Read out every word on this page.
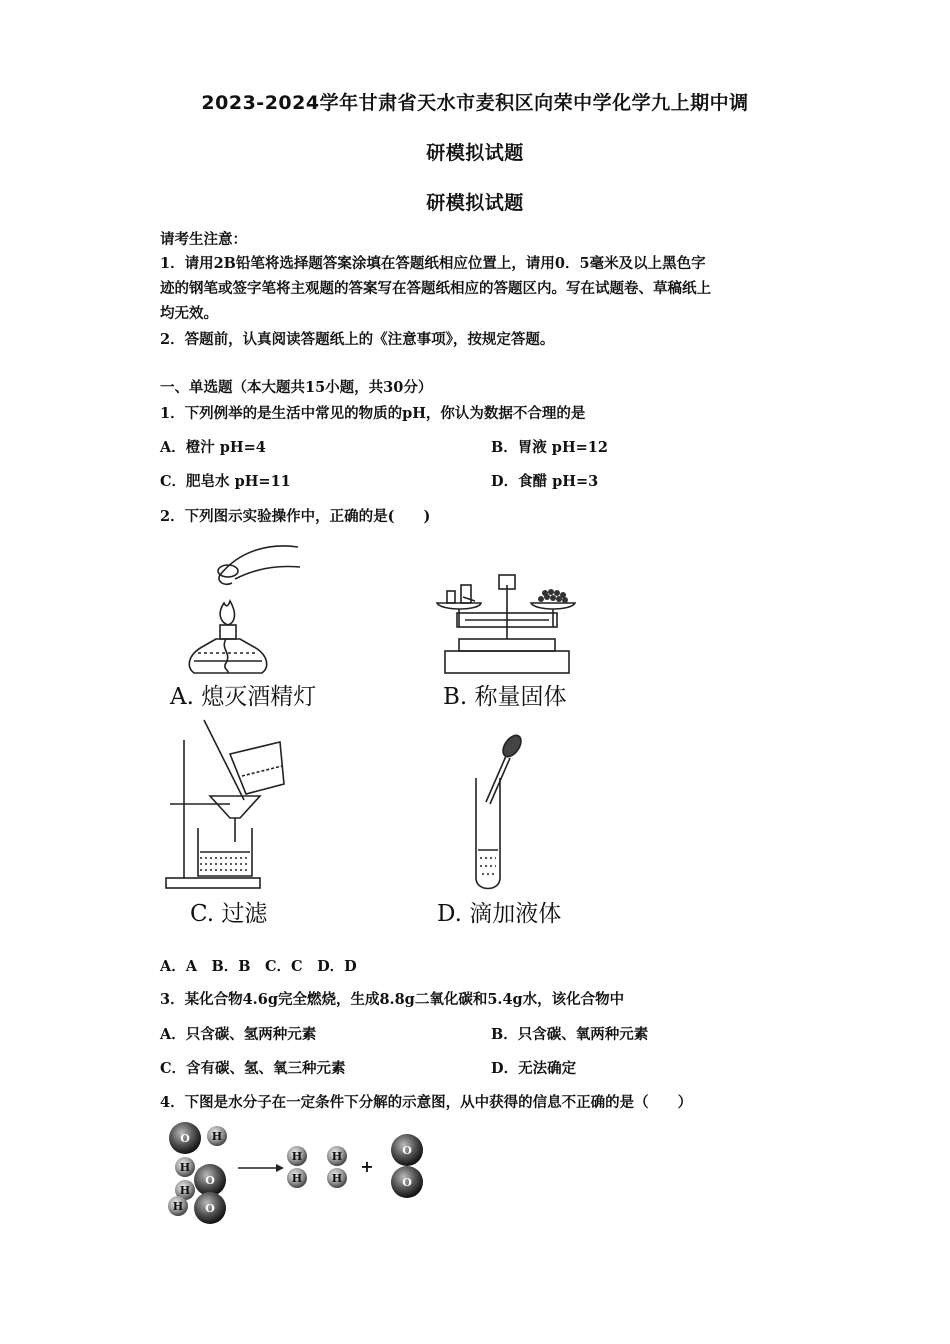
2023-2024学年甘肃省天水市麦积区向荣中学化学九上期中调
研模拟试题
研模拟试题
请考生注意：
1．请用2B铅笔将选择题答案涂填在答题纸相应位置上，请用0．5毫米及以上黑色字
迹的钢笔或签字笔将主观题的答案写在答题纸相应的答题区内。写在试题卷、草稿纸上
均无效。
2．答题前，认真阅读答题纸上的《注意事项》，按规定答题。
一、单选题（本大题共15小题，共30分）
1．下列例举的是生活中常见的物质的pH，你认为数据不合理的是
A．橙汁 pH=4	B．胃液 pH=12
C．肥皂水 pH=11	D．食醋 pH=3
2．下列图示实验操作中，正确的是(　　)
A. 熄灭酒精灯	B. 称量固体
C. 过滤	D. 滴加液体
A．A　B．B　C．C　D．D
3．某化合物4.6g完全燃烧，生成8.8g二氧化碳和5.4g水，该化合物中
A．只含碳、氢两种元素	B．只含碳、氧两种元素
C．含有碳、氢、氧三种元素	D．无法确定
4．下图是水分子在一定条件下分解的示意图，从中获得的信息不正确的是（　　）
O H
H
O
H
H O
H
H
H
H
O
O
+
